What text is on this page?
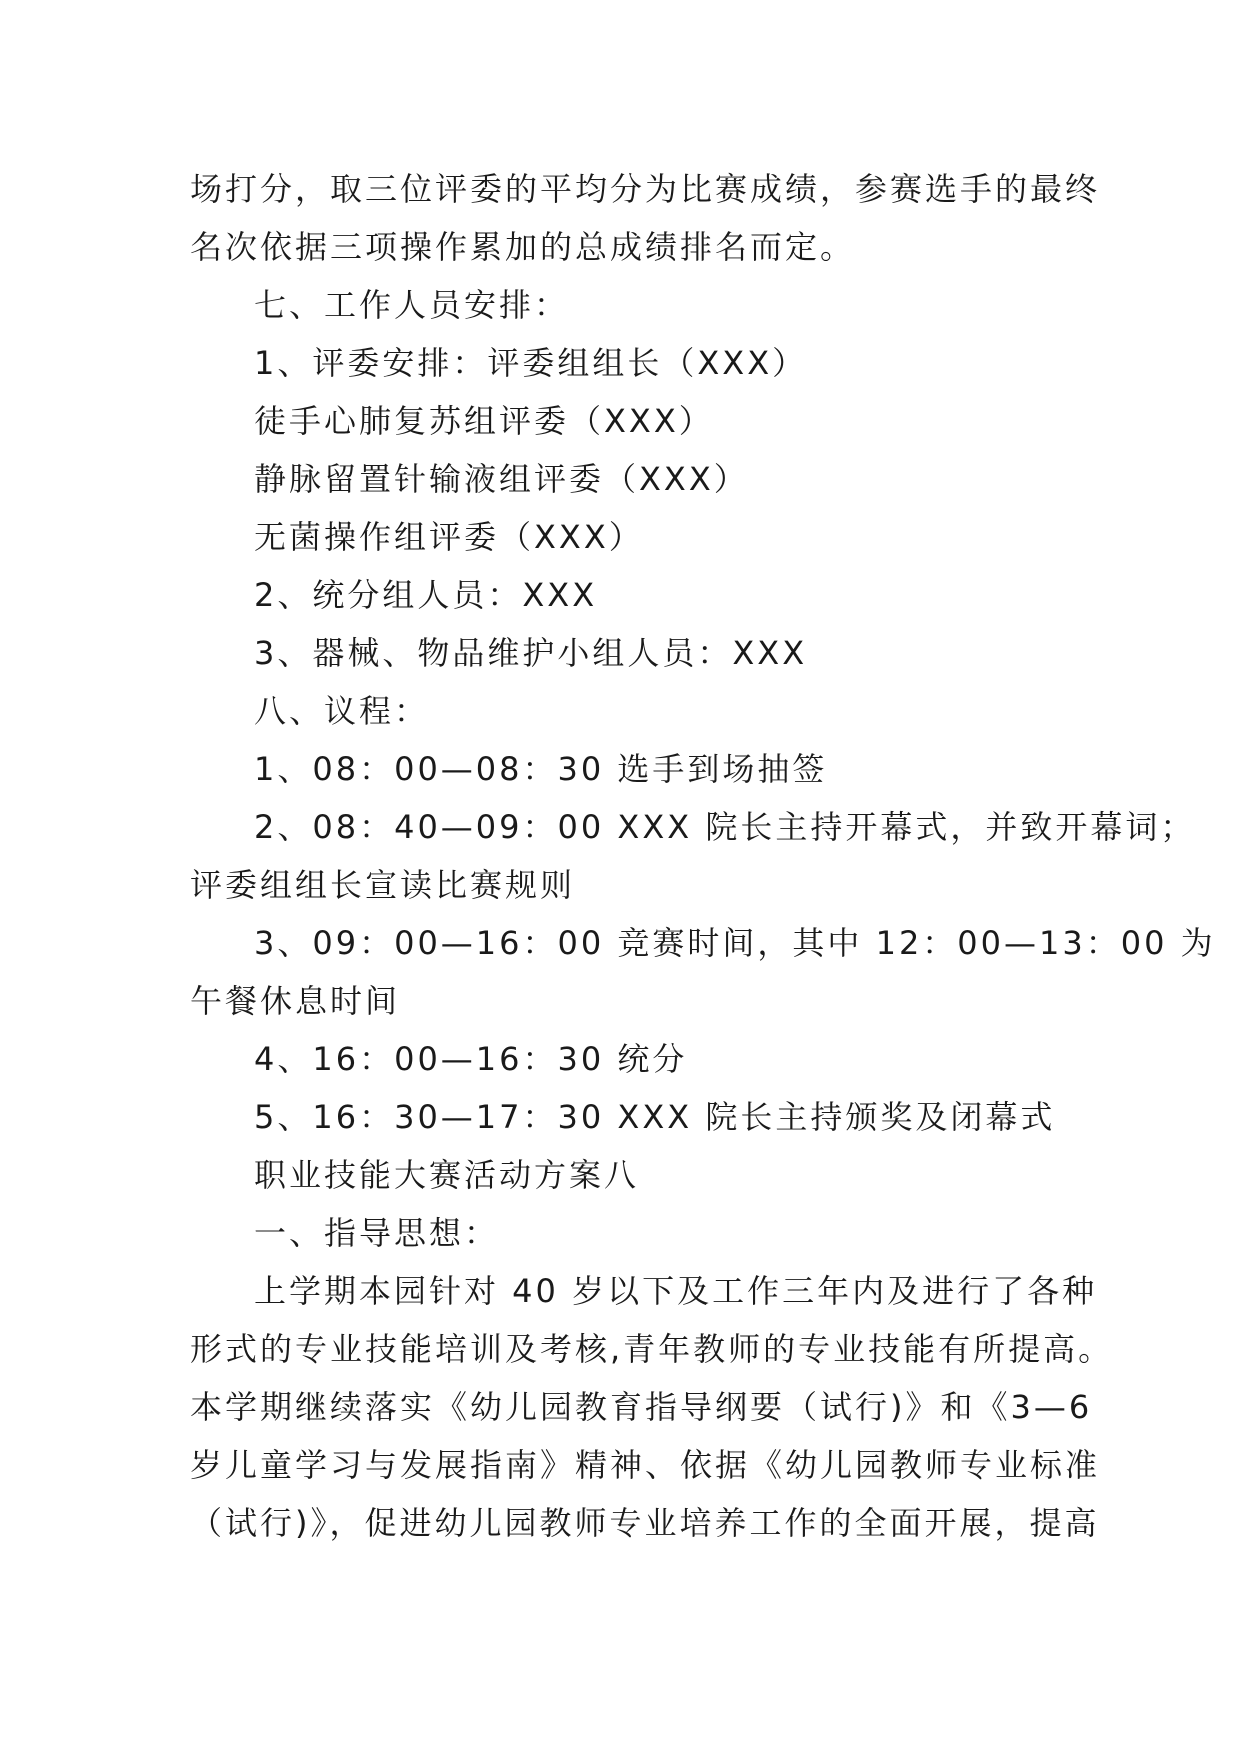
场打分，取三位评委的平均分为比赛成绩，参赛选手的最终
名次依据三项操作累加的总成绩排名而定。
七、工作人员安排：
1、评委安排：评委组组长（XXX）
徒手心肺复苏组评委（XXX）
静脉留置针输液组评委（XXX）
无菌操作组评委（XXX）
2、统分组人员：XXX
3、器械、物品维护小组人员：XXX
八、议程：
1、08：00—08：30 选手到场抽签
2、08：40—09：00 XXX 院长主持开幕式，并致开幕词；
评委组组长宣读比赛规则
3、09：00—16：00 竞赛时间，其中 12：00—13：00 为
午餐休息时间
4、16：00—16：30 统分
5、16：30—17：30 XXX 院长主持颁奖及闭幕式
职业技能大赛活动方案八
一、指导思想：
上学期本园针对 40 岁以下及工作三年内及进行了各种
形式的专业技能培训及考核,青年教师的专业技能有所提高。
本学期继续落实《幼儿园教育指导纲要（试行)》和《3—6
岁儿童学习与发展指南》精神、依据《幼儿园教师专业标准
（试行)》，促进幼儿园教师专业培养工作的全面开展，提高
